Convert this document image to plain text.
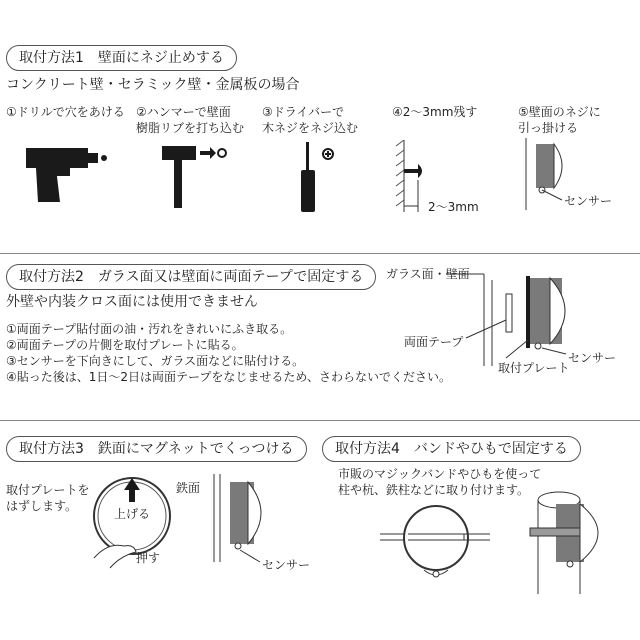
取付方法1　壁面にネジ止めする
コンクリート壁・セラミック壁・金属板の場合
①ドリルで穴をあける ②ハンマーで壁面
樹脂リブを打ち込む
③ドライバーで
木ネジをネジ込む
④2～3mm残す	⑤壁面のネジに
引っ掛ける
2～3mm	センサー
取付方法2　ガラス面又は壁面に両面テープで固定する
外壁や内装クロス面には使用できません
①両面テープ貼付面の油・汚れをきれいにふき取る。
②両面テープの片側を取付プレートに貼る。
③センサーを下向きにして、ガラス面などに貼付ける。
④貼った後は、1日～2日は両面テープをなじませるため、さわらないでください。
ガラス面・壁面
両面テープ
取付プレート
センサー
取付方法3　鉄面にマグネットでくっつける
取付プレートを
はずします。
上げる
押す
鉄面
センサー
取付方法4　バンドやひもで固定する
市販のマジックバンドやひもを使って
柱や杭、鉄柱などに取り付けます。
